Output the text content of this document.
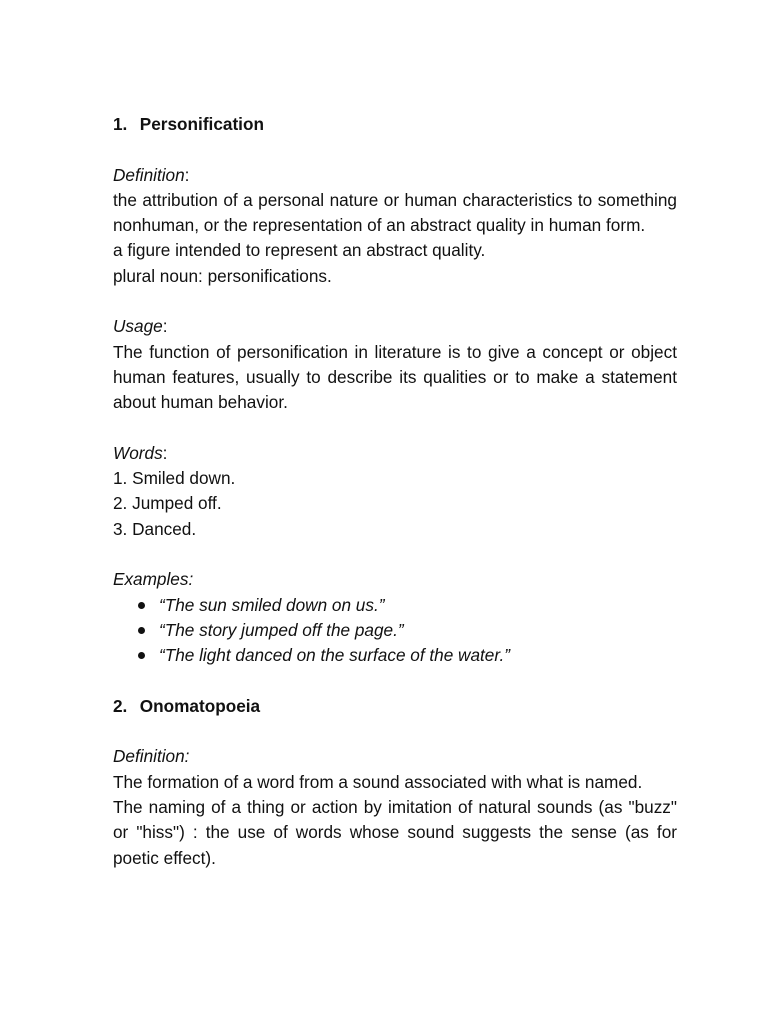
1. Personification

Definition:

the attribution of a personal nature or human characteristics to something nonhuman, or the representation of an abstract quality in human form.

a figure intended to represent an abstract quality.

plural noun: personifications.

Usage:

The function of personification in literature is to give a concept or object human features, usually to describe its qualities or to make a statement about human behavior.

Words:

1. Smiled down.

2. Jumped off.

3. Danced.

Examples:

“The sun smiled down on us.”
“The story jumped off the page.”
“The light danced on the surface of the water.”

2. Onomatopoeia

Definition:

The formation of a word from a sound associated with what is named.

The naming of a thing or action by imitation of natural sounds (as "buzz" or "hiss") : the use of words whose sound suggests the sense (as for poetic effect).
